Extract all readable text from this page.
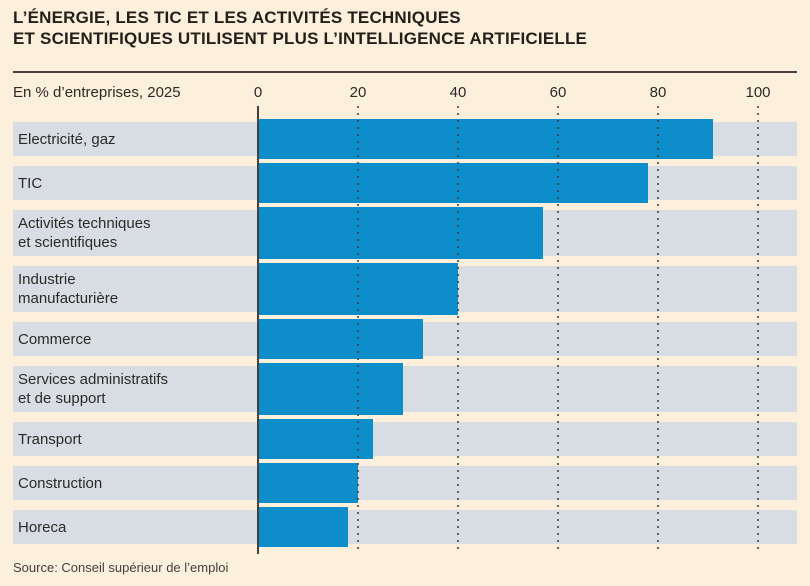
L’ÉNERGIE, LES TIC ET LES ACTIVITÉS TECHNIQUES
ET SCIENTIFIQUES UTILISENT PLUS L’INTELLIGENCE ARTIFICIELLE
En % d’entreprises, 2025	0	20	40	60	80	100
Electricité, gaz
TIC
Activités techniques
et scientifiques
Industrie
manufacturière
Commerce
Services administratifs
et de support
Transport
Construction
Horeca
Source: Conseil supérieur de l’emploi
